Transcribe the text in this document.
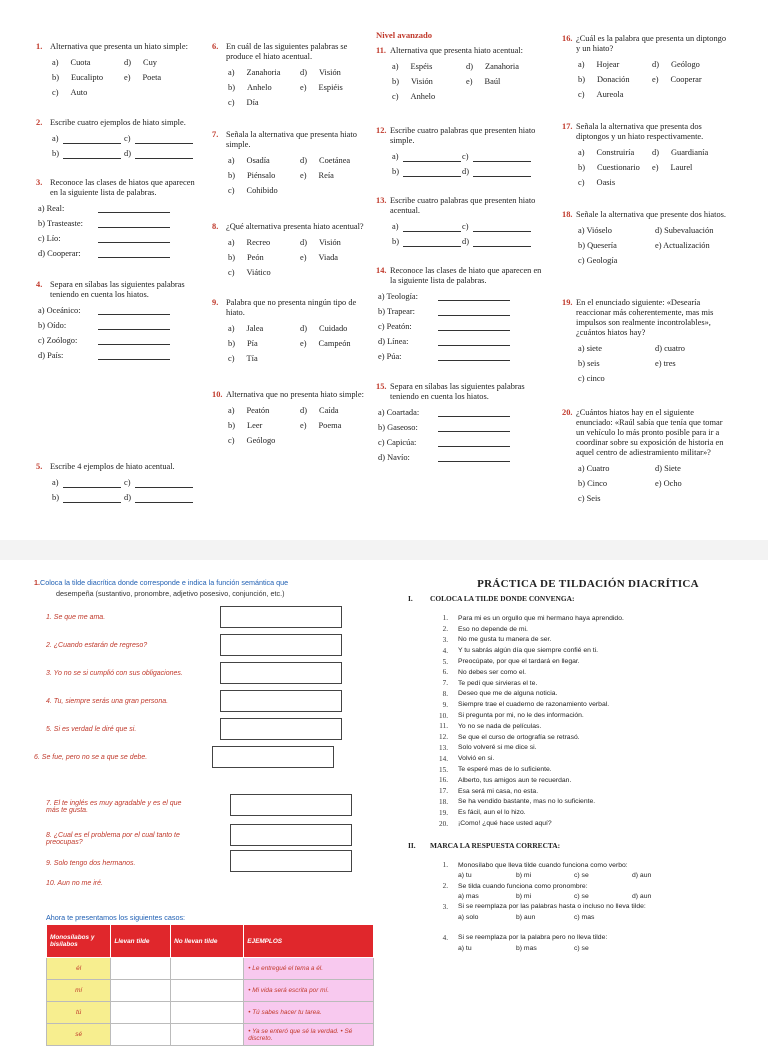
1. Alternativa que presenta un hiato simple:
a) Cuota	d) Cuy
b) Eucalipto	e) Poeta
c) Auto
2. Escribe cuatro ejemplos de hiato simple.
a)	c)
b)	d)
3. Reconoce las clases de hiatos que aparecen en la siguiente lista de palabras.
a) Real:
b) Trasteaste:
c) Lío:
d) Cooperar:
4. Separa en sílabas las siguientes palabras teniendo en cuenta los hiatos.
a) Oceánico:
b) Oído:
c) Zoólogo:
d) País:
5. Escribe 4 ejemplos de hiato acentual.
a)	c)
b)	d)
6. En cuál de las siguientes palabras se produce el hiato acentual.
a) Zanahoria	d) Visión
b) Anhelo	e) Espiéis
c) Día
7. Señala la alternativa que presenta hiato simple.
a) Osadía	d) Coetánea
b) Piénsalo	e) Reía
c) Cohibido
8. ¿Qué alternativa presenta hiato acentual?
a) Recreo	d) Visión
b) Peón	e) Viada
c) Viático
9. Palabra que no presenta ningún tipo de hiato.
a) Jalea	d) Cuidado
b) Pía	e) Campeón
c) Tía
10. Alternativa que no presenta hiato simple:
a) Peatón	d) Caída
b) Leer	e) Poema
c) Geólogo
Nivel avanzado
11. Alternativa que presenta hiato acentual:
a) Espéis	d) Zanahoria
b) Visión	e) Baúl
c) Anhelo
12. Escribe cuatro palabras que presenten hiato simple.
a)	c)
b)	d)
13. Escribe cuatro palabras que presenten hiato acentual.
a)	c)
b)	d)
14. Reconoce las clases de hiato que aparecen en la siguiente lista de palabras.
a) Teología:
b) Trapear:
c) Peatón:
d) Línea:
e) Púa:
15. Separa en sílabas las siguientes palabras teniendo en cuenta los hiatos.
a) Coartada:
b) Gaseoso:
c) Capicúa:
d) Navío:
16. ¿Cuál es la palabra que presenta un diptongo y un hiato?
a) Hojear	d) Geólogo
b) Donación	e) Cooperar
c) Aureola
17. Señala la alternativa que presenta dos diptongos y un hiato respectivamente.
a) Construiría	d) Guardianía
b) Cuestionario	e) Laurel
c) Oasis
18. Señale la alternativa que presente dos hiatos.
a) Vióselo	d) Subevaluación
b) Quesería	e) Actualización
c) Geología
19. En el enunciado siguiente: «Desearía reaccionar más coherentemente, mas mis impulsos son realmente incontrolables», ¿cuántos hiatos hay?
a) siete	d) cuatro
b) seis	e) tres
c) cinco
20. ¿Cuántos hiatos hay en el siguiente enunciado: «Raúl sabía que tenía que tomar un vehículo lo más pronto posible para ir a coordinar sobre su exposición de historia en aquel centro de adiestramiento militar»?
a) Cuatro	d) Siete
b) Cinco	e) Ocho
c) Seis
1.Coloca la tilde diacrítica donde corresponde e indica la función semántica que
desempeña (sustantivo, pronombre, adjetivo posesivo, conjunción, etc.)
1. Se que me ama.
2. ¿Cuando estarán de regreso?
3. Yo no se si cumplió con sus obligaciones.
4. Tu, siempre serás una gran persona.
5. Si es verdad le diré que si.
6. Se fue, pero no se a que se debe.
7. El te inglés es muy agradable y es el que más te gusta.
8. ¿Cual es el problema por el cual tanto te preocupas?
9. Solo tengo dos hermanos.
10. Aun no me iré.
Ahora te presentamos los siguientes casos:
Monosílabos y bisílabos	Llevan tilde	No llevan tilde	EJEMPLOS
él			• Le entregué el tema a él.
mí			• Mi vida será escrita por mí.
tú			• Tú sabes hacer tu tarea.
sé			• Ya se enteró que sé la verdad. • Sé discreto.
PRÁCTICA DE TILDACIÓN DIACRÍTICA
I. COLOCA LA TILDE DONDE CONVENGA:
1. Para mi es un orgullo que mi hermano haya aprendido.
2. Eso no depende de mi.
3. No me gusta tu manera de ser.
4. Y tu sabrás algún día que siempre confié en ti.
5. Preocúpate, por que el tardará en llegar.
6. No debes ser como el.
7. Te pedí que sirvieras el te.
8. Deseo que me de alguna noticia.
9. Siempre trae el cuaderno de razonamiento verbal.
10. Si pregunta por mi, no le des información.
11. Yo no se nada de películas.
12. Se que el curso de ortografía se retrasó.
13. Solo volveré si me dice si.
14. Volvió en si.
15. Te esperé mas de lo suficiente.
16. Alberto, tus amigos aun te recuerdan.
17. Esa será mi casa, no esta.
18. Se ha vendido bastante, mas no lo suficiente.
19. Es fácil, aun el lo hizo.
20. ¡Como! ¿qué hace usted aquí?
II. MARCA LA RESPUESTA CORRECTA:
1. Monosílabo que lleva tilde cuando funciona como verbo:
a) tu	b) mi	c) se	d) aun
2. Se tilda cuando funciona como pronombre:
a) mas	b) mi	c) se	d) aun
3. Si se reemplaza por las palabras hasta o incluso no lleva tilde:
a) solo	b) aun	c) mas
4. Si se reemplaza por la palabra pero no lleva tilde:
a) tu	b) mas	c) se
